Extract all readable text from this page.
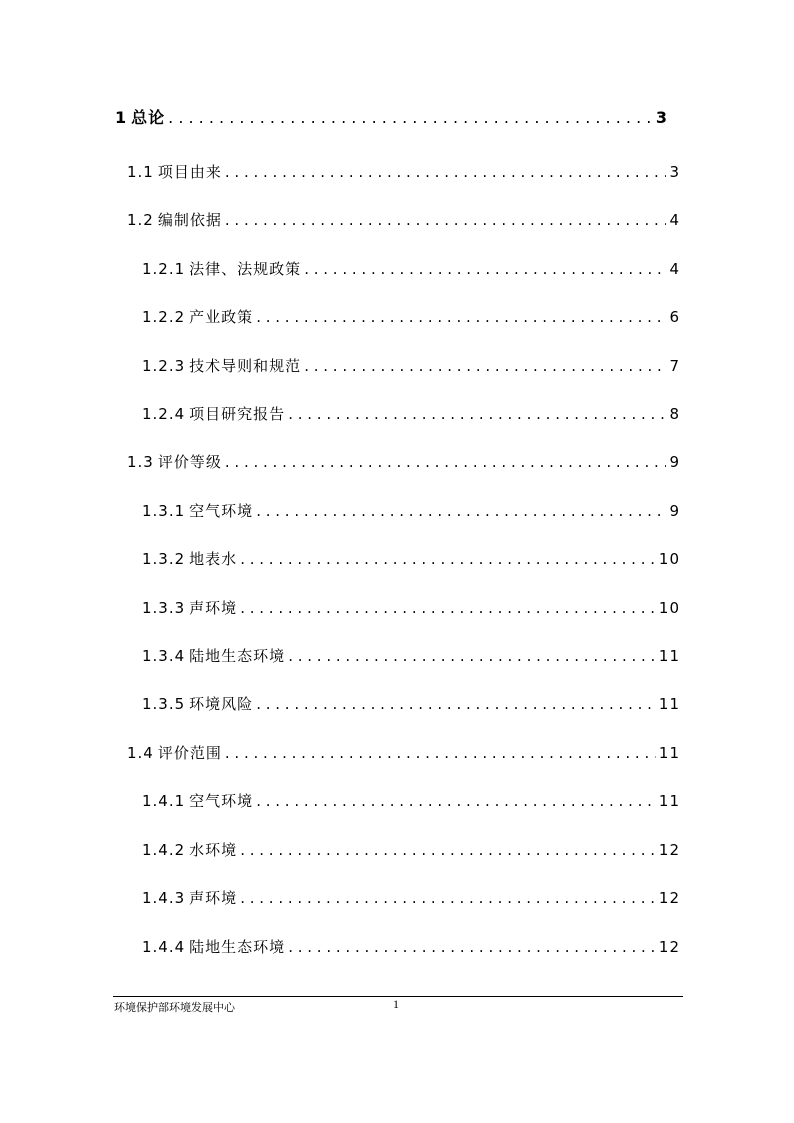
1 总论 . . .	3
1.1 项目由来 . . .	3
1.2 编制依据 . . .	4
1.2.1 法律、法规政策 . . .	4
1.2.2 产业政策 . . .	6
1.2.3 技术导则和规范 . . .	7
1.2.4 项目研究报告 . . .	8
1.3 评价等级 . . .	9
1.3.1 空气环境 . . .	9
1.3.2 地表水 . . .	10
1.3.3 声环境 . . .	10
1.3.4 陆地生态环境 . . .	11
1.3.5 环境风险 . . .	11
1.4 评价范围 . . .	11
1.4.1 空气环境 . . .	11
1.4.2 水环境 . . .	12
1.4.3 声环境 . . .	12
1.4.4 陆地生态环境 . . .	12
环境保护部环境发展中心	1
